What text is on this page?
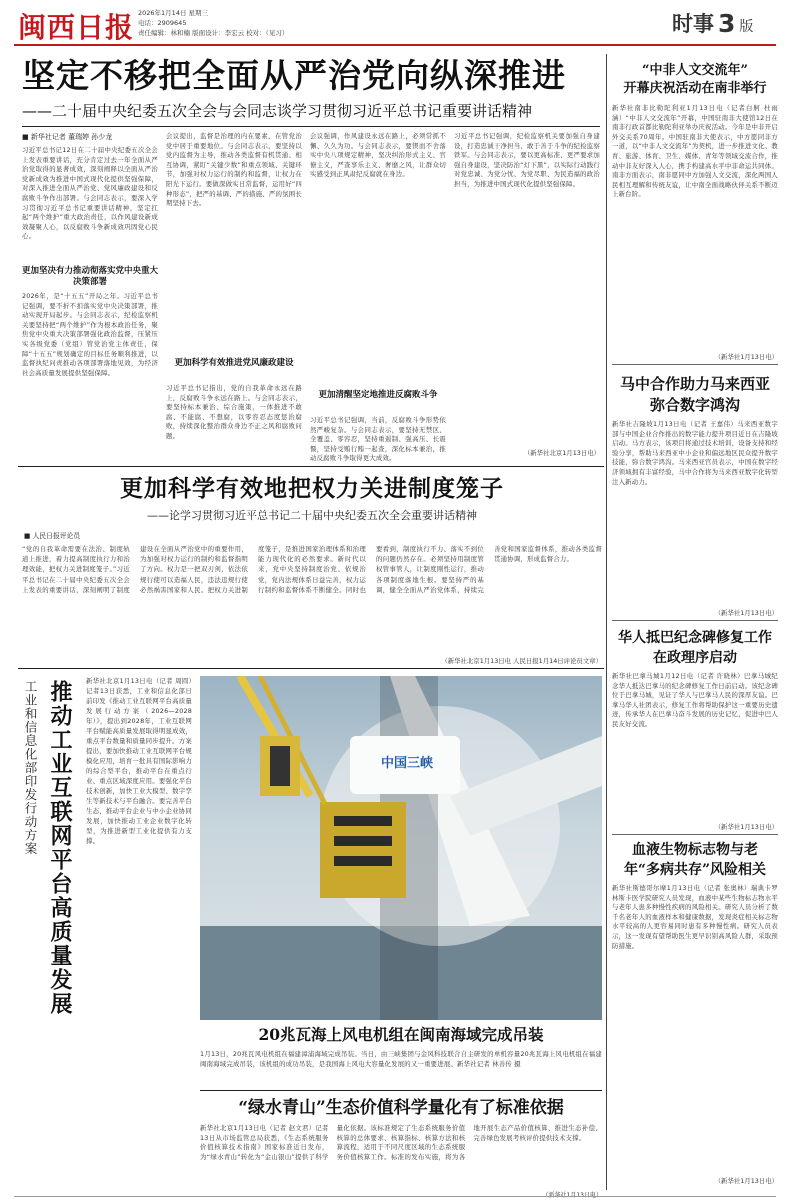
闽西日报 2026年1月14日 星期三
电话：2909645
责任编辑：林和楠 版面设计：李宏云 校对：（见习）	时事 3 版
坚定不移把全面从严治党向纵深推进
——二十届中央纪委五次全会与会同志谈学习贯彻习近平总书记重要讲话精神
■ 新华社记者 董瑞婷 孙少龙
习近平总书记12日在二十届中央纪委五次全会上发表重要讲话，充分肯定过去一年全面从严治党取得的显著成效，深刻阐释以全面从严治党新成效为推进中国式现代化提供坚强保障，对深入推进全面从严治党、党风廉政建设和反腐败斗争作出部署。与会同志表示，要深入学习贯彻习近平总书记重要讲话精神，坚定扛起“两个维护”重大政治责任，以作风建设新成效凝聚人心，以反腐败斗争新成效巩固党心民心。
更加坚决有力推动彻落实党中央重大决策部署
2026年，是“十五五”开局之年。习近平总书记强调，要不折不扣落实党中央决策部署，推动实现开局起步。与会同志表示，纪检监察机关要坚持把“两个维护”作为根本政治任务，聚焦党中央重大决策部署强化政治监督，压紧压实各级党委（党组）管党治党主体责任，保障“十五五”规划确定的目标任务顺利推进，以监督执纪问责推动各项部署落地见效，为经济社会高质量发展提供坚强保障。
会议提出，监督是治理的内在要素，在管党治党中居于重要地位。与会同志表示，要坚持以党内监督为主导，推动各类监督有机贯通、相互协调，紧盯“关键少数”和重点领域、关键环节，加强对权力运行的制约和监督，让权力在阳光下运行。要做深做实日常监督，运用好“四种形态”，把严的基调、严的措施、严的氛围长期坚持下去。
更加科学有效推进党风廉政建设
习近平总书记指出，党的自我革命永远在路上，反腐败斗争永远在路上。与会同志表示，要坚持标本兼治、综合施策，一体推进不敢腐、不能腐、不想腐，以零容忍态度惩治腐败，持续深化整治群众身边不正之风和腐败问题。
会议强调，作风建设永远在路上，必须常抓不懈、久久为功。与会同志表示，要锲而不舍落实中央八项规定精神，坚决纠治形式主义、官僚主义，严查享乐主义、奢靡之风，让群众切实感受到正风肃纪反腐就在身边。
更加清醒坚定地推进反腐败斗争
习近平总书记强调，当前，反腐败斗争形势依然严峻复杂。与会同志表示，要坚持无禁区、全覆盖、零容忍，坚持重遏制、强高压、长震慑，坚持受贿行贿一起查，深化标本兼治，推动反腐败斗争取得更大成效。
习近平总书记强调，纪检监察机关要加强自身建设，打造忠诚干净担当、敢于善于斗争的纪检监察铁军。与会同志表示，要以更高标准、更严要求加强自身建设，坚决防治“灯下黑”，以实际行动践行对党忠诚、为党分忧、为党尽职、为民造福的政治担当，为推进中国式现代化提供坚强保障。
（新华社北京1月13日电）
“中非人文交流年”
开幕庆祝活动在南非举行
新华社南非比勒陀利亚1月13日电（记者白舸 杜雨涵）“中非人文交流年”开幕，中国驻南非大使馆12日在南非行政首都比勒陀利亚举办庆祝活动。今年是中非开启外交关系70周年。中国驻南非大使表示，中方愿同非方一道，以“中非人文交流年”为契机，进一步推进文化、教育、旅游、体育、卫生、媒体、青年等领域交流合作，推动中非友好深入人心，携手构建高水平中非命运共同体。南非方面表示，南非愿同中方加强人文交流，深化两国人民相互理解和传统友谊，让中南全面战略伙伴关系不断迈上新台阶。
（新华社1月13日电）
马中合作助力马来西亚弥合数字鸿沟
新华社吉隆坡1月13日电（记者 王嘉伟）马来西亚数字部与中国企业合作推出的数字能力提升项目近日在吉隆坡启动。马方表示，该项目将通过技术培训、设备支持和经验分享，帮助马来西亚中小企业和偏远地区民众提升数字技能，弥合数字鸿沟。马来西亚官员表示，中国在数字经济领域拥有丰富经验，马中合作将为马来西亚数字化转型注入新动力。
（新华社1月13日电）
华人抵巴纪念碑修复工作在政理序启动
新华社巴拿马城1月12日电（记者 许晓林）巴拿马城纪念华人抵达巴拿马的纪念碑修复工作日前启动。该纪念碑位于巴拿马城，见证了华人与巴拿马人民的深厚友谊。巴拿马华人社团表示，修复工作将帮助保护这一重要历史遗迹，传承华人在巴拿马奋斗发展的历史记忆，促进中巴人民友好交流。
（新华社1月13日电）
血液生物标志物与老年“多病共存”风险相关
新华社斯德哥尔摩1月13日电（记者 张奥林）瑞典卡罗林斯卡医学院研究人员发现，血液中某些生物标志物水平与老年人患多种慢性疾病的风险相关。研究人员分析了数千名老年人的血液样本和健康数据，发现炎症相关标志物水平较高的人更容易同时患有多种慢性病。研究人员表示，这一发现有望帮助医生更早识别高风险人群，采取预防措施。
（新华社1月13日电）
更加科学有效地把权力关进制度笼子
——论学习贯彻习近平总书记二十届中央纪委五次全会重要讲话精神
■ 人民日报评论员
“党的自我革命需要在法治、制度轨道上推进，着力提高制度执行力和治理效能，把权力关进制度笼子。”习近平总书记在二十届中央纪委五次全会上发表的重要讲话，深刻阐明了制度建设在全面从严治党中的重要作用，为加强对权力运行的制约和监督指明了方向。权力是一把双刃剑，依法依规行使可以造福人民，违法违规行使必然祸害国家和人民。把权力关进制度笼子，是推进国家治理体系和治理能力现代化的必然要求。新时代以来，党中央坚持制度治党、依规治党，党内法规体系日益完善，权力运行制约和监督体系不断健全。同时也要看到，制度执行不力、落实不到位的问题仍然存在。必须坚持用制度管权管事管人，让制度刚性运行，推动各项制度落地生根。要坚持严的基调，健全全面从严治党体系，持续完善党和国家监督体系，推动各类监督贯通协调，形成监督合力。
（新华社北京1月13日电 人民日报1月14日评论员文章）
工业和信息化部印发行动方案 推动工业互联网平台高质量发展	新华社北京1月13日电（记者 周圆）记者13日获悉，工业和信息化部日前印发《推动工业互联网平台高质量发展行动方案（2026—2028年）》，提出到2028年，工业互联网平台赋能高质量发展取得明显成效，重点平台数量和质量同步提升。方案提出，要加快推动工业互联网平台规模化应用，培育一批具有国际影响力的综合型平台，推动平台在重点行业、重点区域深度应用。要强化平台技术创新，加快工业大模型、数字孪生等新技术与平台融合。要完善平台生态，推动平台企业与中小企业协同发展，加快推动工业企业数字化转型，为推进新型工业化提供有力支撑。
中国三峡
20兆瓦海上风电机组在闽南海域完成吊装
1月13日，20兆瓦风电机组在福建漳浦海域完成吊装。当日，由三峡集团与金风科技联合自主研发的单机容量20兆瓦海上风电机组在福建闽南海域完成吊装，该机组的成功吊装，是我国海上风电大容量化发展的又一重要进展。新华社记者 林善传 摄
“绿水青山”生态价值科学量化有了标准依据
新华社北京1月13日电（记者 赵文君）记者13日从市场监管总局获悉，《生态系统服务价值核算技术指南》国家标准近日发布，为“绿水青山”转化为“金山银山”提供了科学量化依据。该标准规定了生态系统服务价值核算的总体要求、核算指标、核算方法和核算流程，适用于不同尺度区域的生态系统服务价值核算工作。标准的发布实施，将为各地开展生态产品价值核算、推进生态补偿、完善绿色发展考核评价提供技术支撑。
